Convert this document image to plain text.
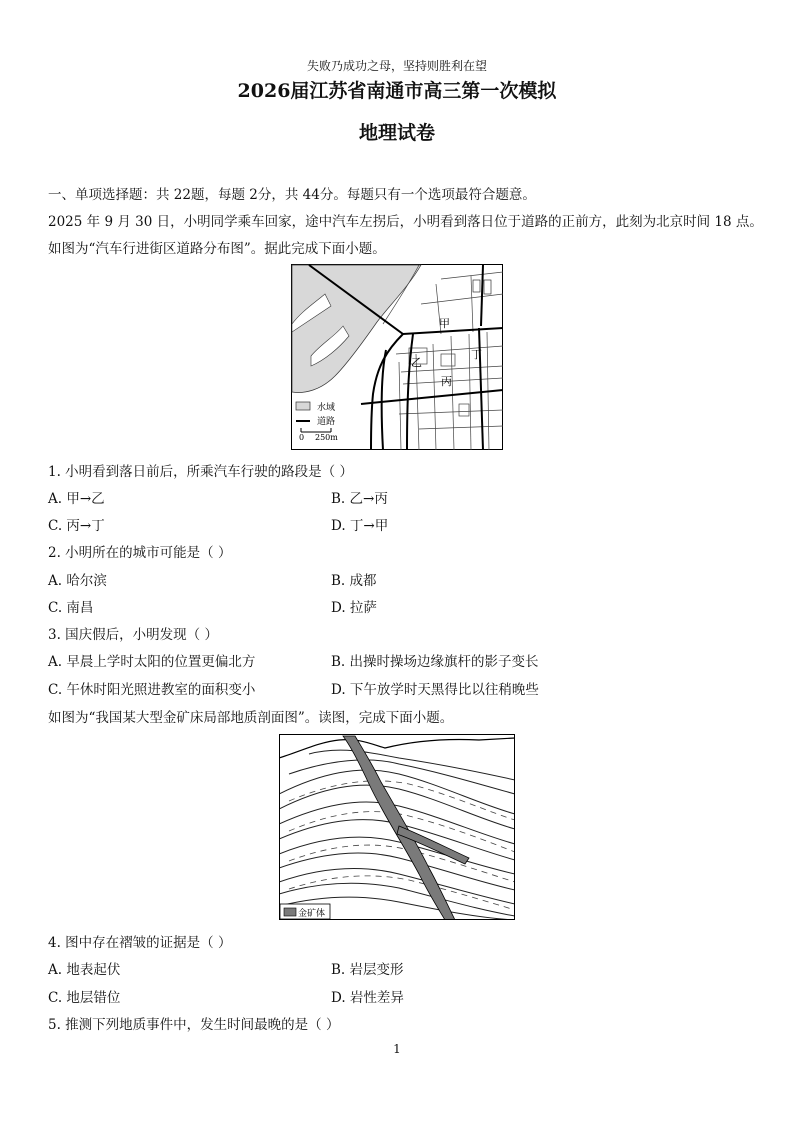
失败乃成功之母，坚持则胜利在望
2026届江苏省南通市高三第一次模拟
地理试卷
一、单项选择题：共 22题，每题 2分，共 44分。每题只有一个选项最符合题意。
2025 年 9 月 30 日，小明同学乘车回家，途中汽车左拐后，小明看到落日位于道路的正前方，此刻为北京时间 18 点。
如图为“汽车行进街区道路分布图”。据此完成下面小题。
甲
乙
丁
丙
水域
道路
0 250m
1. 小明看到落日前后，所乘汽车行驶的路段是（ ）
A. 甲→乙	B. 乙→丙
C. 丙→丁	D. 丁→甲
2. 小明所在的城市可能是（ ）
A. 哈尔滨	B. 成都
C. 南昌	D. 拉萨
3. 国庆假后，小明发现（ ）
A. 早晨上学时太阳的位置更偏北方	B. 出操时操场边缘旗杆的影子变长
C. 午休时阳光照进教室的面积变小	D. 下午放学时天黑得比以往稍晚些
如图为“我国某大型金矿床局部地质剖面图”。读图，完成下面小题。
金矿体
4. 图中存在褶皱的证据是（ ）
A. 地表起伏	B. 岩层变形
C. 地层错位	D. 岩性差异
5. 推测下列地质事件中，发生时间最晚的是（ ）
1
